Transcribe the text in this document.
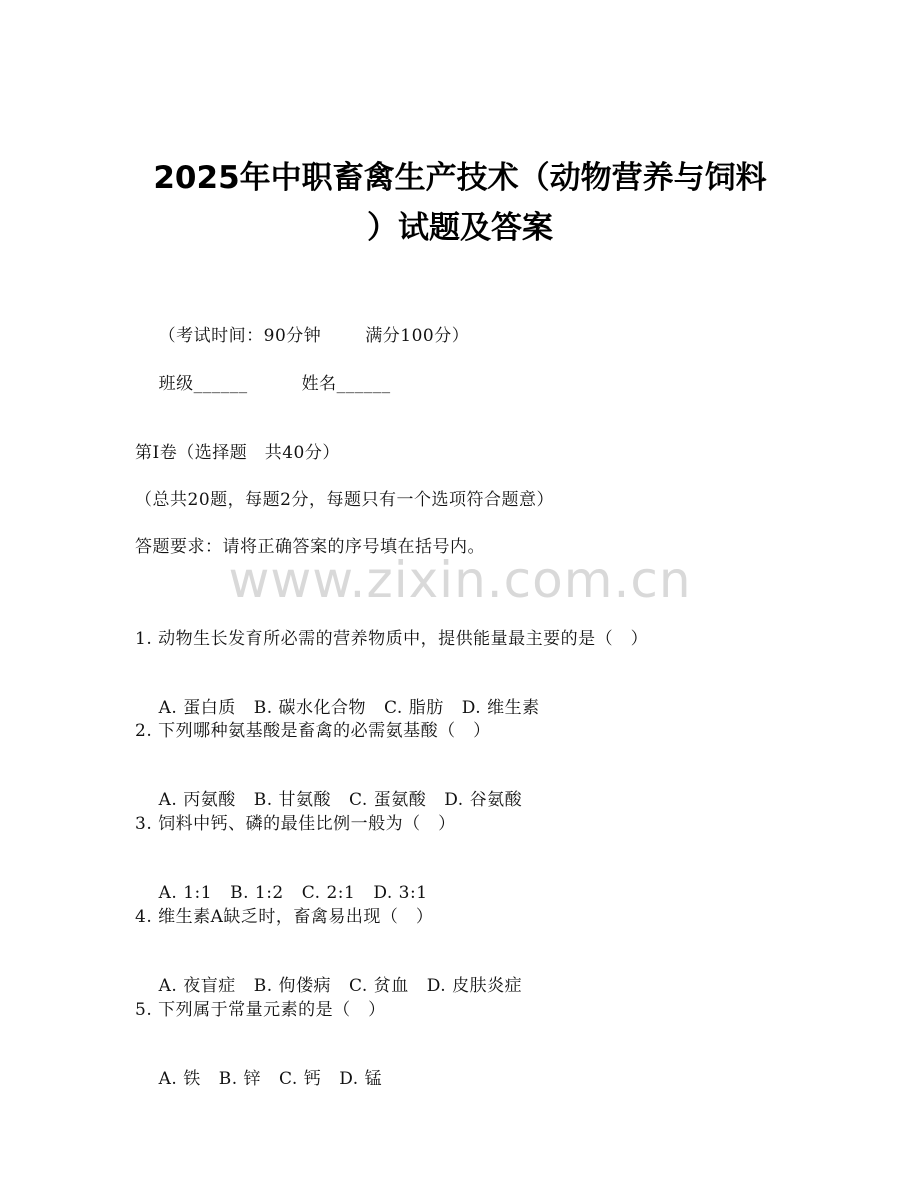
2025年中职畜禽生产技术（动物营养与饲料
）试题及答案

（考试时间：90分钟	满分100分）

班级______	姓名______

第I卷（选择题　共40分）
（总共20题，每题2分，每题只有一个选项符合题意）
答题要求：请将正确答案的序号填在括号内。
www.zixin.com.cn
1. 动物生长发育所必需的营养物质中，提供能量最主要的是（　）

A. 蛋白质 B. 碳水化合物 C. 脂肪 D. 维生素

2. 下列哪种氨基酸是畜禽的必需氨基酸（　）

A. 丙氨酸 B. 甘氨酸 C. 蛋氨酸 D. 谷氨酸

3. 饲料中钙、磷的最佳比例一般为（　）

A. 1:1 B. 1:2 C. 2:1 D. 3:1

4. 维生素A缺乏时，畜禽易出现（　）

A. 夜盲症 B. 佝偻病 C. 贫血 D. 皮肤炎症

5. 下列属于常量元素的是（　）

A. 铁 B. 锌 C. 钙 D. 锰
